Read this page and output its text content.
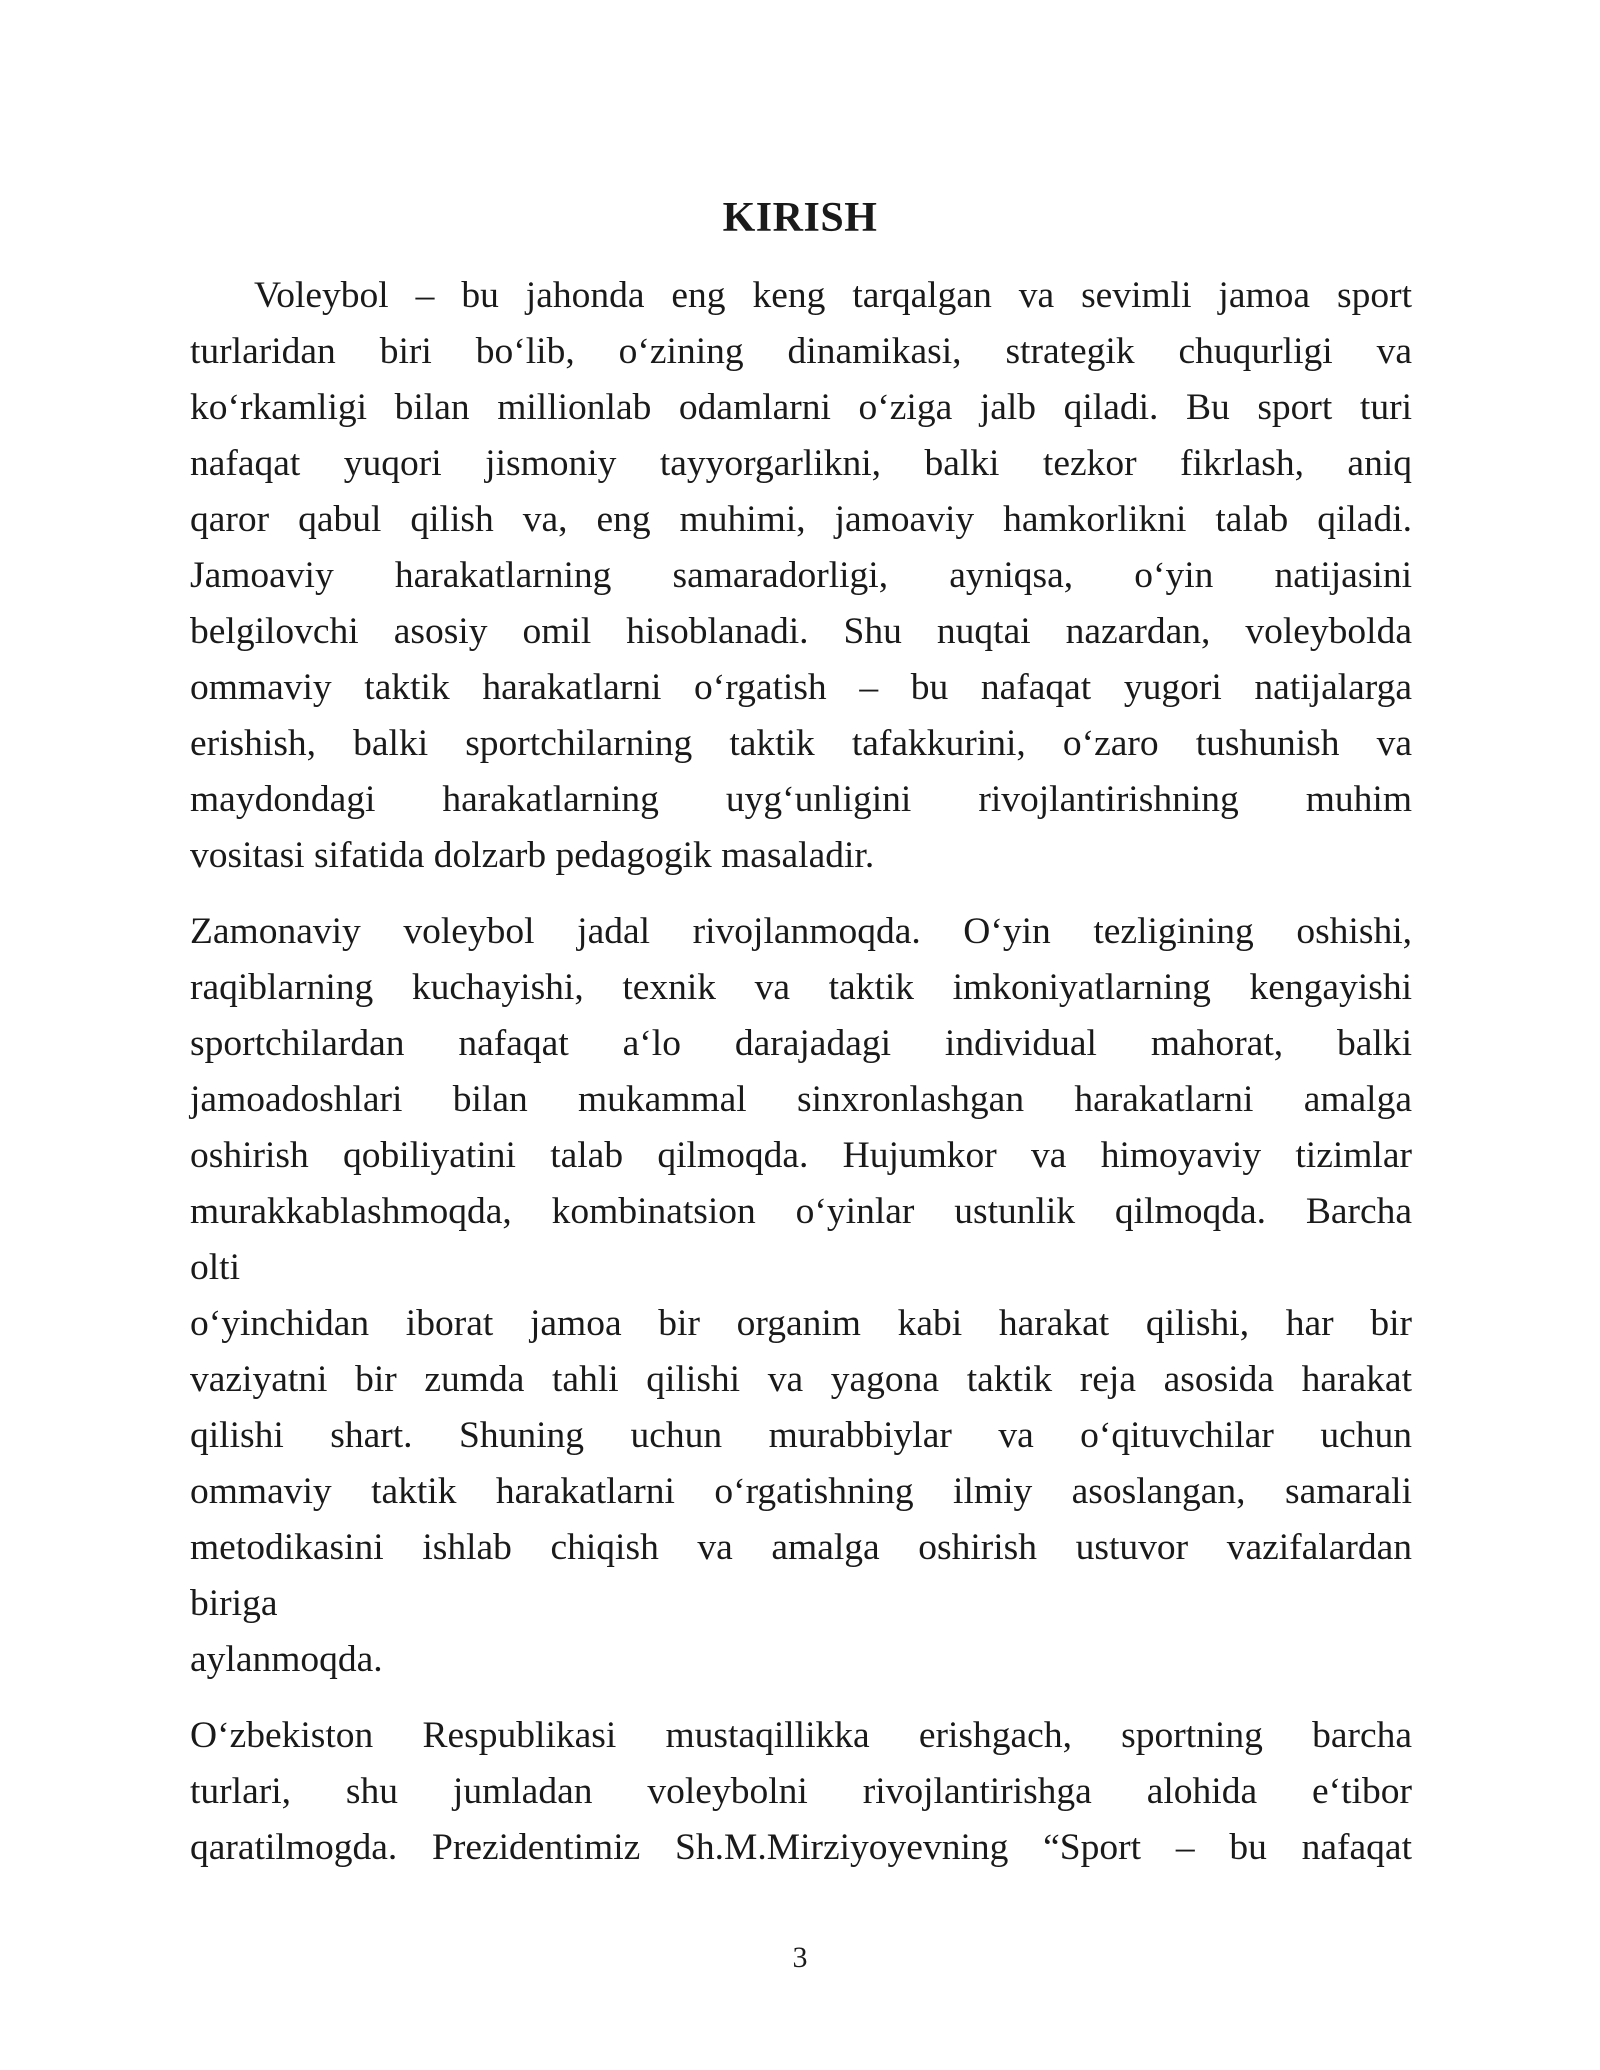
KIRISH

Voleybol – bu jahonda eng keng tarqalgan va sevimli jamoa sport
turlaridan biri bo‘lib, o‘zining dinamikasi, strategik chuqurligi va
ko‘rkamligi bilan millionlab odamlarni o‘ziga jalb qiladi. Bu sport turi
nafaqat yuqori jismoniy tayyorgarlikni, balki tezkor fikrlash, aniq
qaror qabul qilish va, eng muhimi, jamoaviy hamkorlikni talab qiladi.
Jamoaviy harakatlarning samaradorligi, ayniqsa, o‘yin natijasini
belgilovchi asosiy omil hisoblanadi. Shu nuqtai nazardan, voleybolda
ommaviy taktik harakatlarni o‘rgatish – bu nafaqat yugori natijalarga
erishish, balki sportchilarning taktik tafakkurini, o‘zaro tushunish va
maydondagi harakatlarning uyg‘unligini rivojlantirishning muhim
vositasi sifatida dolzarb pedagogik masaladir.

Zamonaviy voleybol jadal rivojlanmoqda. O‘yin tezligining oshishi,
raqiblarning kuchayishi, texnik va taktik imkoniyatlarning kengayishi
sportchilardan nafaqat a‘lo darajadagi individual mahorat, balki
jamoadoshlari bilan mukammal sinxronlashgan harakatlarni amalga
oshirish qobiliyatini talab qilmoqda. Hujumkor va himoyaviy tizimlar
murakkablashmoqda, kombinatsion o‘yinlar ustunlik qilmoqda. Barcha
olti
o‘yinchidan iborat jamoa bir organim kabi harakat qilishi, har bir
vaziyatni bir zumda tahli qilishi va yagona taktik reja asosida harakat
qilishi shart. Shuning uchun murabbiylar va o‘qituvchilar uchun
ommaviy taktik harakatlarni o‘rgatishning ilmiy asoslangan, samarali
metodikasini ishlab chiqish va amalga oshirish ustuvor vazifalardan
biriga
aylanmoqda.

O‘zbekiston Respublikasi mustaqillikka erishgach, sportning barcha
turlari, shu jumladan voleybolni rivojlantirishga alohida e‘tibor
qaratilmogda. Prezidentimiz Sh.M.Mirziyoyevning “Sport – bu nafaqat

3
